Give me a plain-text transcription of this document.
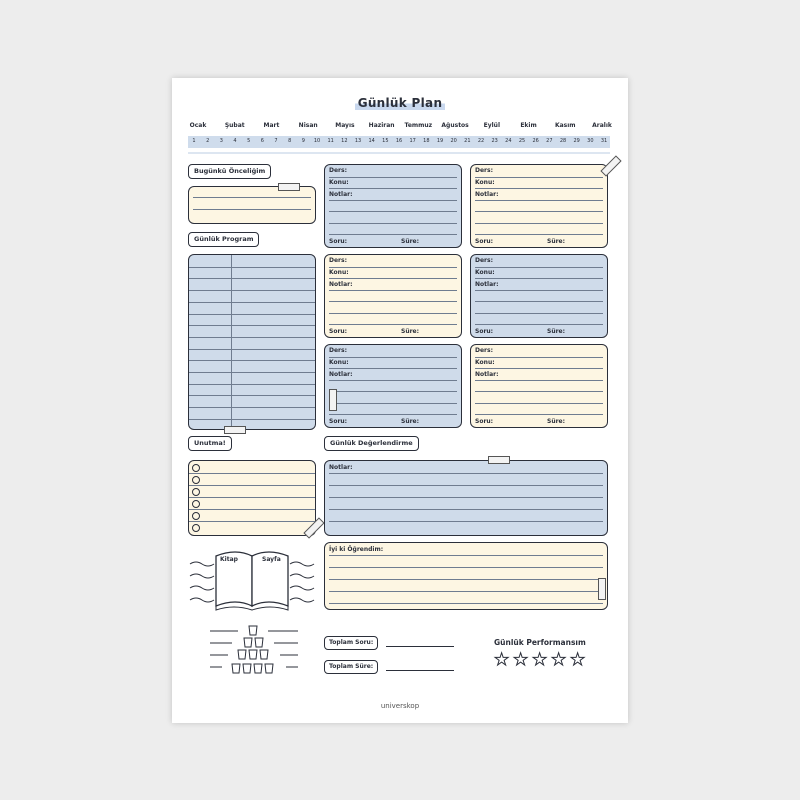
Günlük Plan
Ocak	Şubat	Mart	Nisan	Mayıs Haziran Temmuz Ağustos Eylül	Ekim	Kasım	Aralık
1 2 3 4 5 6 7 8 9 10 11 12 13 14 15 16 17 18 19 20 21 22 23 24 25 26 27 28 29 30 31
Bugünkü Önceliğim
Günlük Program
Unutma!	Günlük Değerlendirme
Notlar:
Kitap	Sayfa
İyi ki Öğrendim:
Toplam Soru:
Toplam Süre:
Günlük Performansım
universkop
Ders:
Konu:
Notlar:
Soru:	Süre:
Ders:
Konu:
Notlar:
Soru:	Süre:
Ders:
Konu:
Notlar:
Soru:	Süre:
Ders:
Konu:
Notlar:
Soru:	Süre:
Ders:
Konu:
Notlar:
Soru:	Süre:
Ders:
Konu:
Notlar:
Soru:	Süre:
★ ★ ★ ★ ★
